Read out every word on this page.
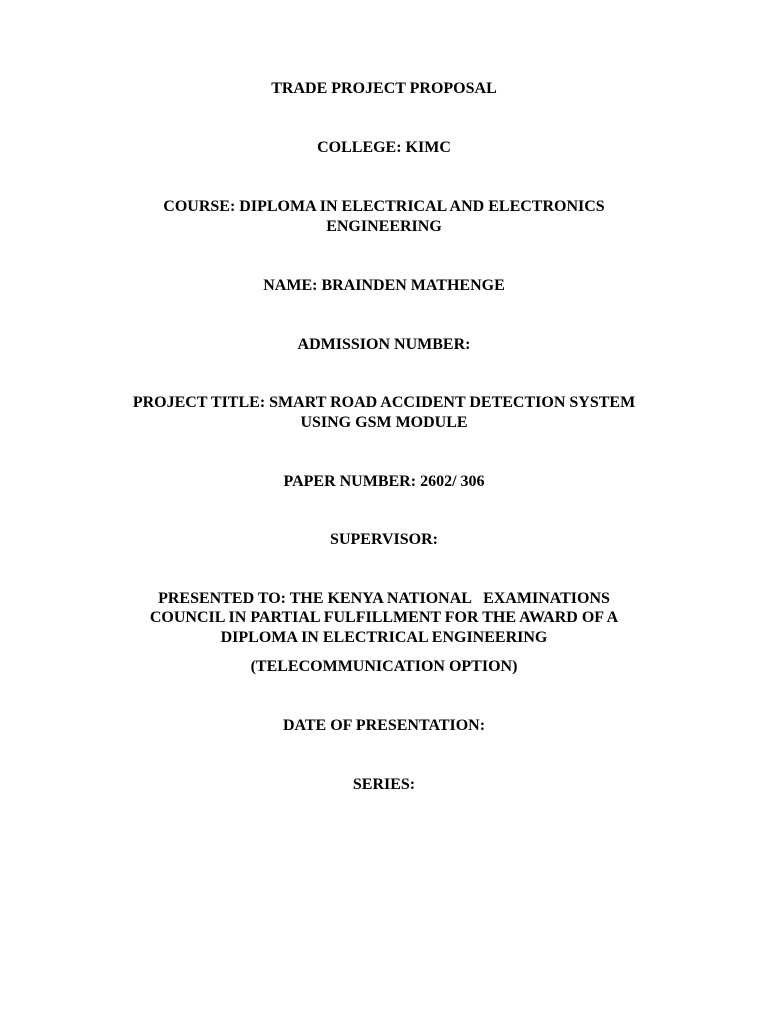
TRADE PROJECT PROPOSAL
COLLEGE: KIMC
COURSE: DIPLOMA IN ELECTRICAL AND ELECTRONICS
ENGINEERING
NAME: BRAINDEN MATHENGE
ADMISSION NUMBER:
PROJECT TITLE: SMART ROAD ACCIDENT DETECTION SYSTEM
USING GSM MODULE
PAPER NUMBER: 2602/ 306
SUPERVISOR:
PRESENTED TO: THE KENYA NATIONAL   EXAMINATIONS
COUNCIL IN PARTIAL FULFILLMENT FOR THE AWARD OF A
DIPLOMA IN ELECTRICAL ENGINEERING
(TELECOMMUNICATION OPTION)
DATE OF PRESENTATION:
SERIES:
